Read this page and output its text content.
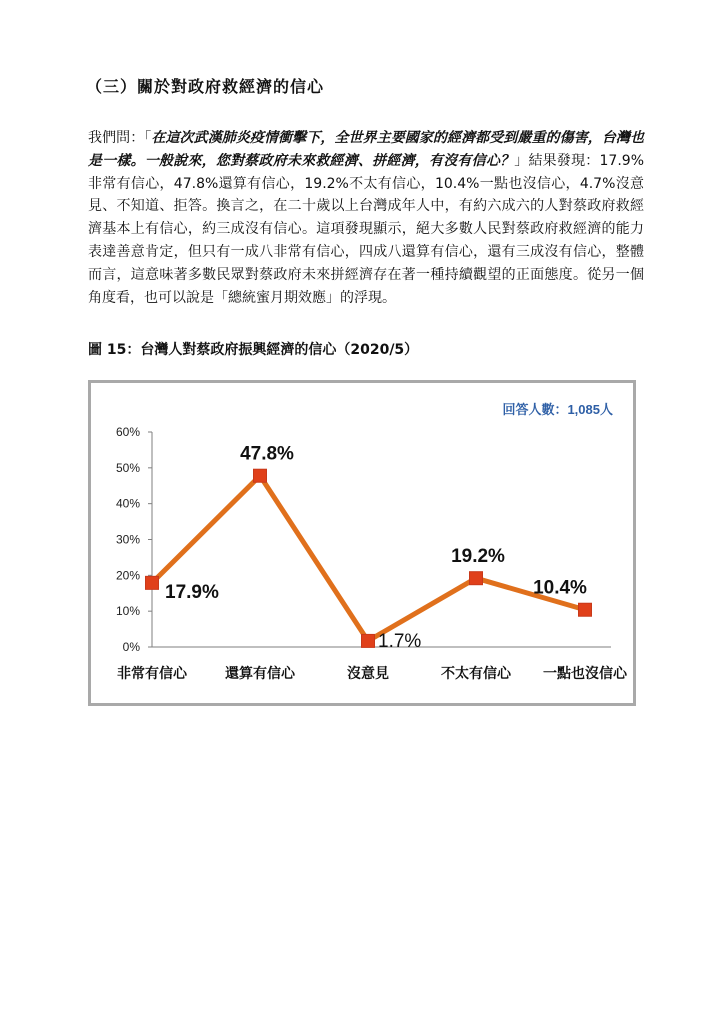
（三）關於對政府救經濟的信心

我們問：「在這次武漢肺炎疫情衝擊下，全世界主要國家的經濟都受到嚴重的傷害，台灣也是一樣。一般說來，您對蔡政府未來救經濟、拼經濟，有沒有信心？」結果發現：17.9%非常有信心，47.8%還算有信心，19.2%不太有信心，10.4%一點也沒信心，4.7%沒意見、不知道、拒答。換言之，在二十歲以上台灣成年人中，有約六成六的人對蔡政府救經濟基本上有信心，約三成沒有信心。這項發現顯示，絕大多數人民對蔡政府救經濟的能力表達善意肯定，但只有一成八非常有信心，四成八還算有信心，還有三成沒有信心，整體而言，這意味著多數民眾對蔡政府未來拼經濟存在著一種持續觀望的正面態度。從另一個角度看，也可以說是「總統蜜月期效應」的浮現。

圖 15：台灣人對蔡政府振興經濟的信心（2020/5）
回答人數：1,085人
0%
10%
20%
30%
40%
50%
60%
非常有信心	還算有信心	沒意見	不太有信心 一點也沒信心
17.9%
47.8%
1.7%
19.2%
10.4%
